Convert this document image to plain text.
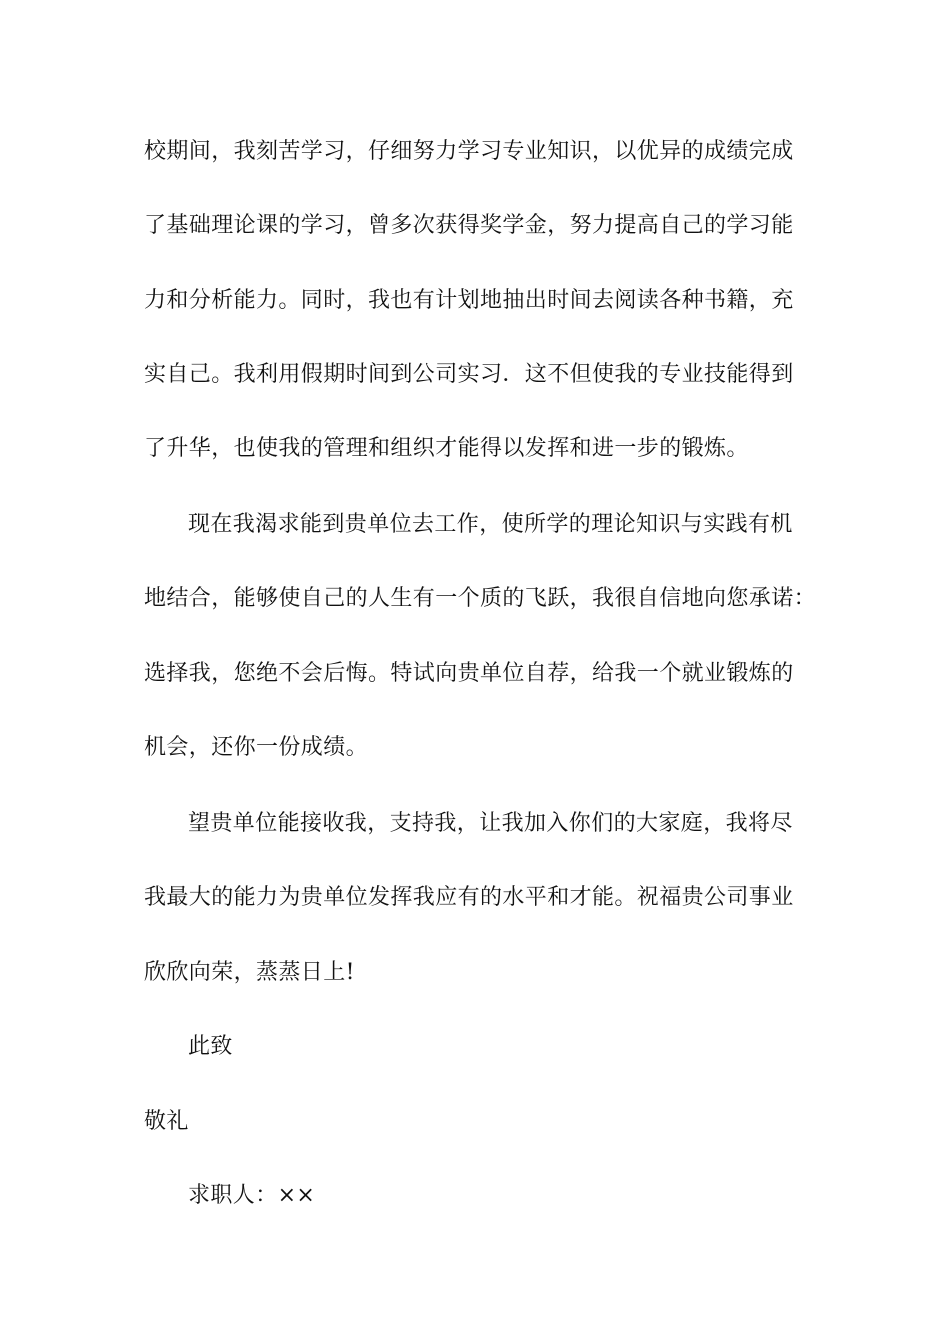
校期间，我刻苦学习，仔细努力学习专业知识，以优异的成绩完成
了基础理论课的学习，曾多次获得奖学金，努力提高自己的学习能
力和分析能力。同时，我也有计划地抽出时间去阅读各种书籍，充
实自己。我利用假期时间到公司实习．这不但使我的专业技能得到
了升华，也使我的管理和组织才能得以发挥和进一步的锻炼。
现在我渴求能到贵单位去工作，使所学的理论知识与实践有机
地结合，能够使自己的人生有一个质的飞跃，我很自信地向您承诺：
选择我，您绝不会后悔。特试向贵单位自荐，给我一个就业锻炼的
机会，还你一份成绩。
望贵单位能接收我，支持我，让我加入你们的大家庭，我将尽
我最大的能力为贵单位发挥我应有的水平和才能。祝福贵公司事业
欣欣向荣，蒸蒸日上!
此致
敬礼
求职人：××
